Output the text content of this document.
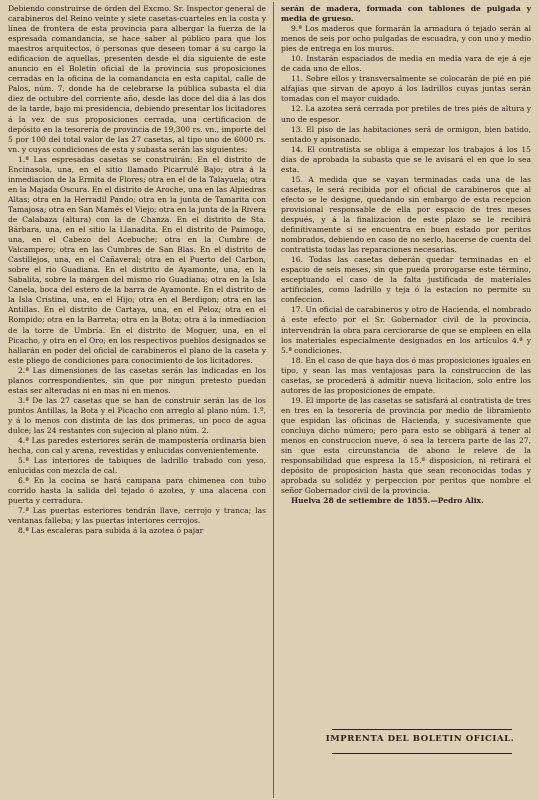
Debiendo construirse de órden del Excmo. Sr. Inspector general de carabineros del Reino veinte y siete casetas-cuarteles en la costa y línea de frontera de esta provincia para albergar la fuerza de la espresada comandancia, se hace saber al público para que los maestros arquitectos, ó personas que deseen tomar á su cargo la edificacion de aquellas, presenten desde el dia siguiente de este anuncio en el Boletin oficial de la provincia sus proposiciones cerradas en la oficina de la comandancia en esta capital, calle de Palos, núm. 7, donde ha de celebrarse la pública subasta el dia diez de octubre del corriente año, desde las doce del dia á las dos de la tarde, bajo mi presidencia, debiendo presentar los licitadores á la vez de sus proposiciones cerrada, una certificacion de depósito en la tesorería de provincia de 19,300 rs. vn., importe del 5 por 100 del total valor de las 27 casetas, al tipo uno de 6000 rs. vn. y cuyas condiciones de esta y subasta serán las siguientes:

1.ª Las espresadas casetas se construirán: En el distrito de Encinasola, una, en el sitio llamado Picarrulé Bajo; otra á la inmediacion de la Ermita de Flores; otra en el de la Talayuela; otra en la Majada Oscura. En el distrito de Aroche, una en las Alpiedras Altas; otra en la Herradil Pando; otra en la junta de Tamarita con Tamajosa; otra en San Mamés el Viejo; otra en la junta de la Rivera de Calabaza (altura) con la de Chanza. En el distrito de Sta. Bárbara, una, en el sitio la Llanadita. En el distrito de Paimogo, una, en el Cabezo del Acebuche; otra en la Cumbre de Valcampero; otra en las Cumbres de San Blas. En el distrito de Castillejos, una, en el Cañaveral; otra en el Puerto del Carbon, sobre el rio Guadiana. En el distrito de Ayamonte, una, en la Sabalita, sobre la márgen del mismo rio Guadiana; otra en la Isla Canela, boca del estero de la barra de Ayamonte. En el distrito de la Isla Cristina, una, en el Hijo; otra en el Berdigon; otra en las Antillas. En el distrito de Cartaya, una, en el Peloz; otra en el Rompido; otra en la Barreta; otra en la Bota; otra á la inmediacion de la torre de Umbría. En el distrito de Moguer, una, en el Picacho, y otra en el Oro; en los respectivos pueblos designados se hallarán en poder del oficial de carabineros el plano de la caseta y este pliego de condiciones para conocimiento de los licitadores.

2.ª Las dimensiones de las casetas serán las indicadas en los planos correspondientes, sin que por ningun pretesto puedan estas ser alteradas ni en mas ni en menos.

3.ª De las 27 casetas que se han de construir serán las de los puntos Antillas, la Bota y el Picacho con arreglo al plano núm. 1.º, y á lo menos con distinta de las dos primeras, un poco de agua dulce; las 24 restantes con sujecion al plano núm. 2.

4.ª Las paredes esteriores serán de mampostería ordinaria bien hecha, con cal y arena, revestidas y enlucidas convenientemente.

5.ª Las interiores de tabiques de ladrillo trabado con yeso, enlucidas con mezcla de cal.

6.ª En la cocina se hará campana para chimenea con tubo corrido hasta la salida del tejado ó azotea, y una alacena con puerta y cerradura.

7.ª Las puertas esteriores tendrán llave, cerrojo y tranca; las ventanas falleba; y las puertas interiores cerrojos.

8.ª Las escaleras para subida á la azotea ó pajar

serán de madera, formada con tablones de pulgada y media de grueso.

9.ª Los maderos que formarán la armadura ó tejado serán al menos de seis por ocho pulgadas de escuadra, y con uno y medio pies de entrega en los muros.

10. Instarán espaciados de media en media vara de eje á eje de cada uno de ellos.

11. Sobre ellos y transversalmente se colocarán de pié en pié alfajías que sirvan de apoyo á los ladrillos cuyas juntas serán tomadas con el mayor cuidado.

12. La azotea será cerrada por pretiles de tres piés de altura y uno de espesor.

13. El piso de las habitaciones será de ormigon, bien batido, sentado y apisonado.

14. El contratista se obliga á empezar los trabajos á los 15 dias de aprobada la subasta que se le avisará el en que lo sea esta.

15. A medida que se vayan terminadas cada una de las casetas, le será recibida por el oficial de carabineros que al efecto se le designe, quedando sin embargo de esta recepcion provisional responsable de ella por espacio de tres meses después, y á la finalizacion de este plazo se le recibirá definitivamente si se encuentra en buen estado por peritos nombrados, debiendo en caso de no serlo, hacerse de cuenta del contratista todas las reparaciones necesarias.

16. Todas las casetas deberán quedar terminadas en el espacio de seis meses, sin que pueda prorogarse este término, esceptuando el caso de la falta justificada de materiales artificiales, como ladrillo y teja ó la estacion no permite su confeccion.

17. Un oficial de carabineros y otro de Hacienda, el nombrado á este efecto por el Sr. Gobernador civil de la provincia, intervendrán la obra para cerciorarse de que se empleen en ella los materiales especialmente designados en los artículos 4.ª y 5.ª condiciones.

18. En el caso de que haya dos ó mas proposiciones iguales en tipo, y sean las mas ventajosas para la construccion de las casetas, se procederá á admitir nueva licitacion, solo entre los autores de las proposiciones de empate.

19. El importe de las casetas se satisfará al contratista de tres en tres en la tesorería de provincia por medio de libramiento que espidan las oficinas de Hacienda, y sucesivamente que concluya dicho número; pero para esto se obligará á tener al menos en construccion nueve, ó sea la tercera parte de las 27, sin que esta circunstancia de abono le releve de la responsabilidad que espresa la 15.ª disposicion, ni retirará el depósito de proposicion hasta que sean reconocidas todas y aprobada su solidéz y perpeccion por peritos que nombre el señor Gobernador civil de la provincia.

Huelva 28 de setiembre de 1855.—Pedro Alix.

IMPRENTA DEL BOLETIN OFICIAL.
